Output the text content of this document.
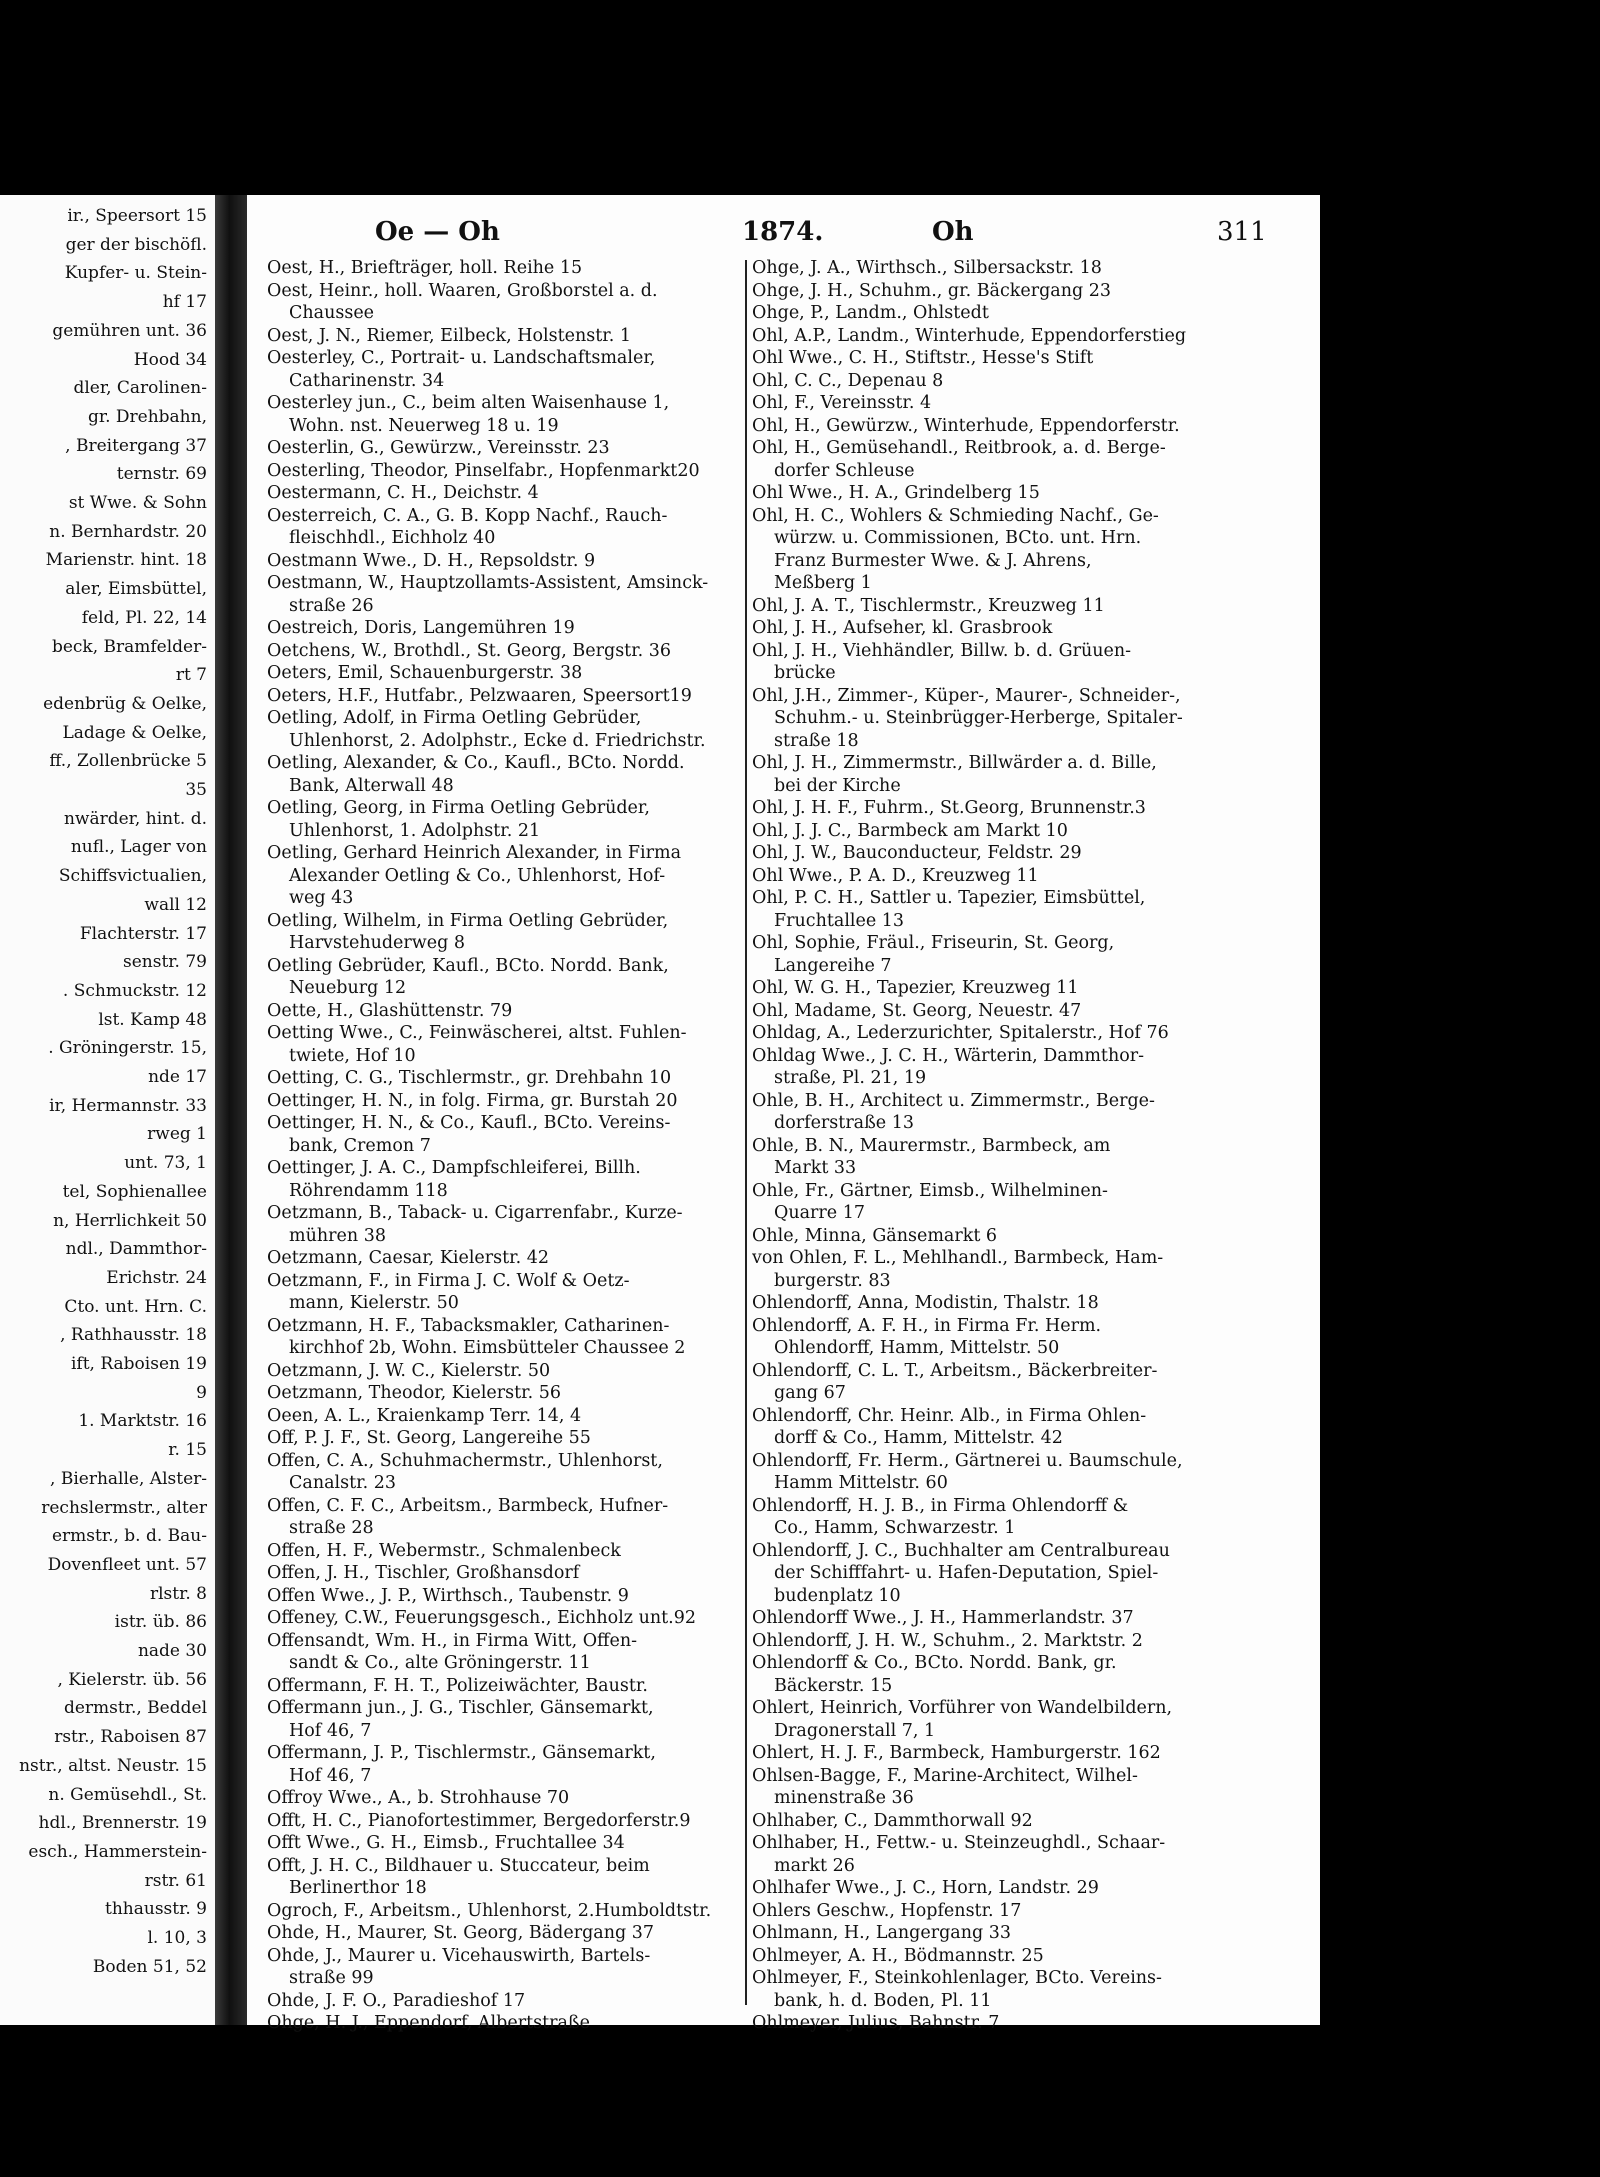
ir., Speersort 15
ger der bischöfl.
Kupfer- u. Stein-
hf 17
gemühren unt. 36
Hood 34
dler, Carolinen-
gr. Drehbahn,
, Breitergang 37
ternstr. 69
st Wwe. & Sohn
n. Bernhardstr. 20
Marienstr. hint. 18
aler, Eimsbüttel,
feld, Pl. 22, 14
beck, Bramfelder-
rt 7
edenbrüg & Oelke,
Ladage & Oelke,
ff., Zollenbrücke 5
35
nwärder, hint. d.
nufl., Lager von
Schiffsvictualien,
wall 12
Flachterstr. 17
senstr. 79
. Schmuckstr. 12
lst. Kamp 48
. Gröningerstr. 15,
nde 17
ir, Hermannstr. 33
rweg 1
unt. 73, 1
tel, Sophienallee
n, Herrlichkeit 50
ndl., Dammthor-
Erichstr. 24
Cto. unt. Hrn. C.
, Rathhausstr. 18
ift, Raboisen 19
9
1. Marktstr. 16
r. 15
, Bierhalle, Alster-
rechslermstr., alter
ermstr., b. d. Bau-
Dovenfleet unt. 57
rlstr. 8
istr. üb. 86
nade 30
, Kielerstr. üb. 56
dermstr., Beddel
rstr., Raboisen 87
nstr., altst. Neustr. 15
n. Gemüsehdl., St.
hdl., Brennerstr. 19
esch., Hammerstein-
rstr. 61
thhausstr. 9
l. 10, 3
Boden 51, 52
Oe — Oh	1874.	Oh	311
Oest, H., Briefträger, holl. Reihe 15
Oest, Heinr., holl. Waaren, Großborstel a. d.
Chaussee
Oest, J. N., Riemer, Eilbeck, Holstenstr. 1
Oesterley, C., Portrait- u. Landschaftsmaler,
Catharinenstr. 34
Oesterley jun., C., beim alten Waisenhause 1,
Wohn. nst. Neuerweg 18 u. 19
Oesterlin, G., Gewürzw., Vereinsstr. 23
Oesterling, Theodor, Pinselfabr., Hopfenmarkt20
Oestermann, C. H., Deichstr. 4
Oesterreich, C. A., G. B. Kopp Nachf., Rauch-
fleischhdl., Eichholz 40
Oestmann Wwe., D. H., Repsoldstr. 9
Oestmann, W., Hauptzollamts-Assistent, Amsinck-
straße 26
Oestreich, Doris, Langemühren 19
Oetchens, W., Brothdl., St. Georg, Bergstr. 36
Oeters, Emil, Schauenburgerstr. 38
Oeters, H.F., Hutfabr., Pelzwaaren, Speersort19
Oetling, Adolf, in Firma Oetling Gebrüder,
Uhlenhorst, 2. Adolphstr., Ecke d. Friedrichstr.
Oetling, Alexander, & Co., Kaufl., BCto. Nordd.
Bank, Alterwall 48
Oetling, Georg, in Firma Oetling Gebrüder,
Uhlenhorst, 1. Adolphstr. 21
Oetling, Gerhard Heinrich Alexander, in Firma
Alexander Oetling & Co., Uhlenhorst, Hof-
weg 43
Oetling, Wilhelm, in Firma Oetling Gebrüder,
Harvstehuderweg 8
Oetling Gebrüder, Kaufl., BCto. Nordd. Bank,
Neueburg 12
Oette, H., Glashüttenstr. 79
Oetting Wwe., C., Feinwäscherei, altst. Fuhlen-
twiete, Hof 10
Oetting, C. G., Tischlermstr., gr. Drehbahn 10
Oettinger, H. N., in folg. Firma, gr. Burstah 20
Oettinger, H. N., & Co., Kaufl., BCto. Vereins-
bank, Cremon 7
Oettinger, J. A. C., Dampfschleiferei, Billh.
Röhrendamm 118
Oetzmann, B., Taback- u. Cigarrenfabr., Kurze-
mühren 38
Oetzmann, Caesar, Kielerstr. 42
Oetzmann, F., in Firma J. C. Wolf & Oetz-
mann, Kielerstr. 50
Oetzmann, H. F., Tabacksmakler, Catharinen-
kirchhof 2b, Wohn. Eimsbütteler Chaussee 2
Oetzmann, J. W. C., Kielerstr. 50
Oetzmann, Theodor, Kielerstr. 56
Oeen, A. L., Kraienkamp Terr. 14, 4
Off, P. J. F., St. Georg, Langereihe 55
Offen, C. A., Schuhmachermstr., Uhlenhorst,
Canalstr. 23
Offen, C. F. C., Arbeitsm., Barmbeck, Hufner-
straße 28
Offen, H. F., Webermstr., Schmalenbeck
Offen, J. H., Tischler, Großhansdorf
Offen Wwe., J. P., Wirthsch., Taubenstr. 9
Offeney, C.W., Feuerungsgesch., Eichholz unt.92
Offensandt, Wm. H., in Firma Witt, Offen-
sandt & Co., alte Gröningerstr. 11
Offermann, F. H. T., Polizeiwächter, Baustr.
Offermann jun., J. G., Tischler, Gänsemarkt,
Hof 46, 7
Offermann, J. P., Tischlermstr., Gänsemarkt,
Hof 46, 7
Offroy Wwe., A., b. Strohhause 70
Offt, H. C., Pianofortestimmer, Bergedorferstr.9
Offt Wwe., G. H., Eimsb., Fruchtallee 34
Offt, J. H. C., Bildhauer u. Stuccateur, beim
Berlinerthor 18
Ogroch, F., Arbeitsm., Uhlenhorst, 2.Humboldtstr.
Ohde, H., Maurer, St. Georg, Bädergang 37
Ohde, J., Maurer u. Vicehauswirth, Bartels-
straße 99
Ohde, J. F. O., Paradieshof 17
Ohge, H. J., Eppendorf, Albertstraße
Ohge, J. A., Wirthsch., Silbersackstr. 18
Ohge, J. H., Schuhm., gr. Bäckergang 23
Ohge, P., Landm., Ohlstedt
Ohl, A.P., Landm., Winterhude, Eppendorferstieg
Ohl Wwe., C. H., Stiftstr., Hesse's Stift
Ohl, C. C., Depenau 8
Ohl, F., Vereinsstr. 4
Ohl, H., Gewürzw., Winterhude, Eppendorferstr.
Ohl, H., Gemüsehandl., Reitbrook, a. d. Berge-
dorfer Schleuse
Ohl Wwe., H. A., Grindelberg 15
Ohl, H. C., Wohlers & Schmieding Nachf., Ge-
würzw. u. Commissionen, BCto. unt. Hrn.
Franz Burmester Wwe. & J. Ahrens,
Meßberg 1
Ohl, J. A. T., Tischlermstr., Kreuzweg 11
Ohl, J. H., Aufseher, kl. Grasbrook
Ohl, J. H., Viehhändler, Billw. b. d. Grüuen-
brücke
Ohl, J.H., Zimmer-, Küper-, Maurer-, Schneider-,
Schuhm.- u. Steinbrügger-Herberge, Spitaler-
straße 18
Ohl, J. H., Zimmermstr., Billwärder a. d. Bille,
bei der Kirche
Ohl, J. H. F., Fuhrm., St.Georg, Brunnenstr.3
Ohl, J. J. C., Barmbeck am Markt 10
Ohl, J. W., Bauconducteur, Feldstr. 29
Ohl Wwe., P. A. D., Kreuzweg 11
Ohl, P. C. H., Sattler u. Tapezier, Eimsbüttel,
Fruchtallee 13
Ohl, Sophie, Fräul., Friseurin, St. Georg,
Langereihe 7
Ohl, W. G. H., Tapezier, Kreuzweg 11
Ohl, Madame, St. Georg, Neuestr. 47
Ohldag, A., Lederzurichter, Spitalerstr., Hof 76
Ohldag Wwe., J. C. H., Wärterin, Dammthor-
straße, Pl. 21, 19
Ohle, B. H., Architect u. Zimmermstr., Berge-
dorferstraße 13
Ohle, B. N., Maurermstr., Barmbeck, am
Markt 33
Ohle, Fr., Gärtner, Eimsb., Wilhelminen-
Quarre 17
Ohle, Minna, Gänsemarkt 6
von Ohlen, F. L., Mehlhandl., Barmbeck, Ham-
burgerstr. 83
Ohlendorff, Anna, Modistin, Thalstr. 18
Ohlendorff, A. F. H., in Firma Fr. Herm.
Ohlendorff, Hamm, Mittelstr. 50
Ohlendorff, C. L. T., Arbeitsm., Bäckerbreiter-
gang 67
Ohlendorff, Chr. Heinr. Alb., in Firma Ohlen-
dorff & Co., Hamm, Mittelstr. 42
Ohlendorff, Fr. Herm., Gärtnerei u. Baumschule,
Hamm Mittelstr. 60
Ohlendorff, H. J. B., in Firma Ohlendorff &
Co., Hamm, Schwarzestr. 1
Ohlendorff, J. C., Buchhalter am Centralbureau
der Schifffahrt- u. Hafen-Deputation, Spiel-
budenplatz 10
Ohlendorff Wwe., J. H., Hammerlandstr. 37
Ohlendorff, J. H. W., Schuhm., 2. Marktstr. 2
Ohlendorff & Co., BCto. Nordd. Bank, gr.
Bäckerstr. 15
Ohlert, Heinrich, Vorführer von Wandelbildern,
Dragonerstall 7, 1
Ohlert, H. J. F., Barmbeck, Hamburgerstr. 162
Ohlsen-Bagge, F., Marine-Architect, Wilhel-
minenstraße 36
Ohlhaber, C., Dammthorwall 92
Ohlhaber, H., Fettw.- u. Steinzeughdl., Schaar-
markt 26
Ohlhafer Wwe., J. C., Horn, Landstr. 29
Ohlers Geschw., Hopfenstr. 17
Ohlmann, H., Langergang 33
Ohlmeyer, A. H., Bödmannstr. 25
Ohlmeyer, F., Steinkohlenlager, BCto. Vereins-
bank, h. d. Boden, Pl. 11
Ohlmeyer, Julius, Bahnstr. 7
